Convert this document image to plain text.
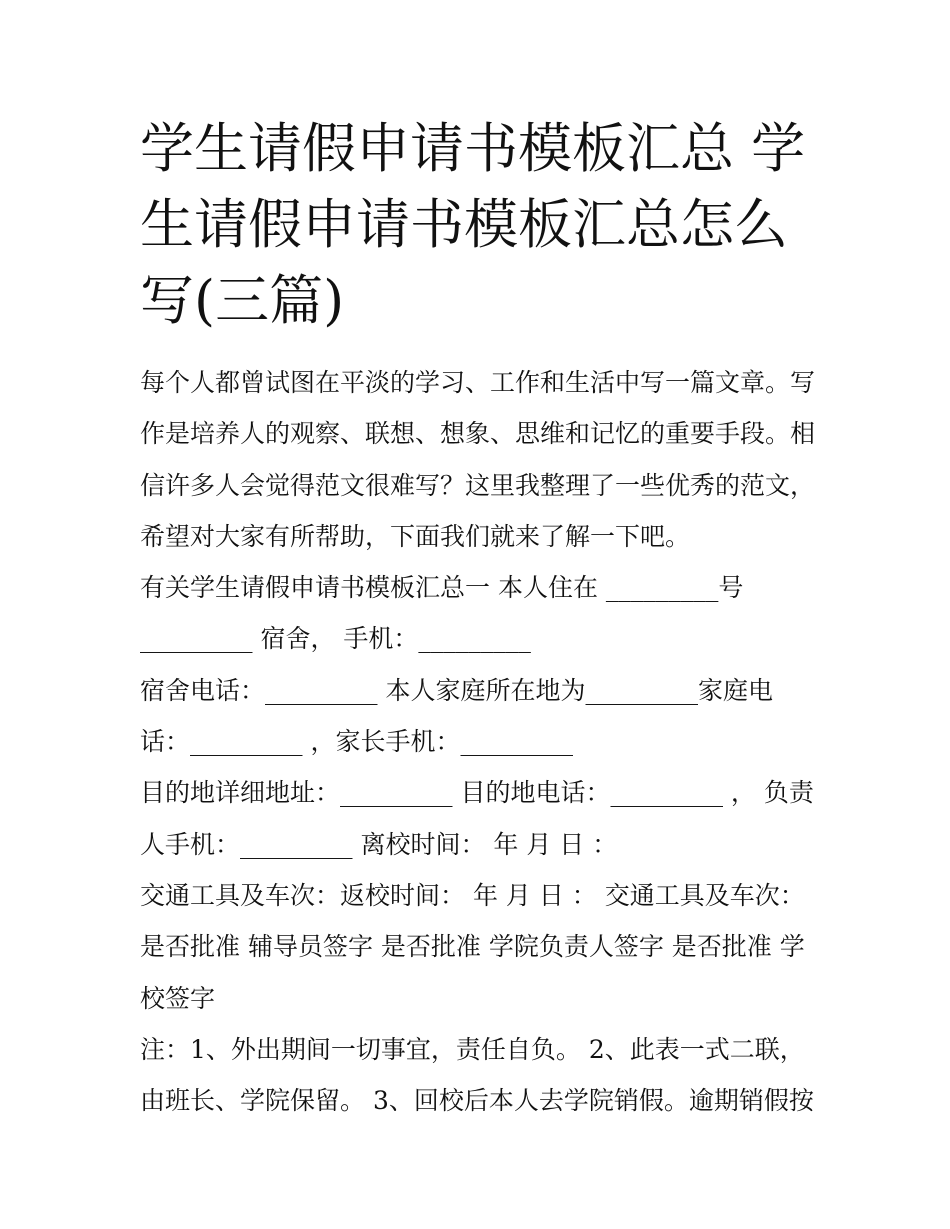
学生请假申请书模板汇总 学生请假申请书模板汇总怎么写(三篇)
每个人都曾试图在平淡的学习、工作和生活中写一篇文章。写
作是培养人的观察、联想、想象、思维和记忆的重要手段。相
信许多人会觉得范文很难写？这里我整理了一些优秀的范文，
希望对大家有所帮助，下面我们就来了解一下吧。
有关学生请假申请书模板汇总一 本人住在 _________号
_________ 宿舍， 手机：_________
宿舍电话：_________ 本人家庭所在地为_________家庭电
话：_________ ，家长手机：_________
目的地详细地址：_________ 目的地电话：_________ ， 负责
人手机：_________ 离校时间： 年 月 日 ：
交通工具及车次：返校时间： 年 月 日 ： 交通工具及车次：
是否批准 辅导员签字 是否批准 学院负责人签字 是否批准 学
校签字
注：1、外出期间一切事宜，责任自负。 2、此表一式二联，
由班长、学院保留。 3、回校后本人去学院销假。逾期销假按
